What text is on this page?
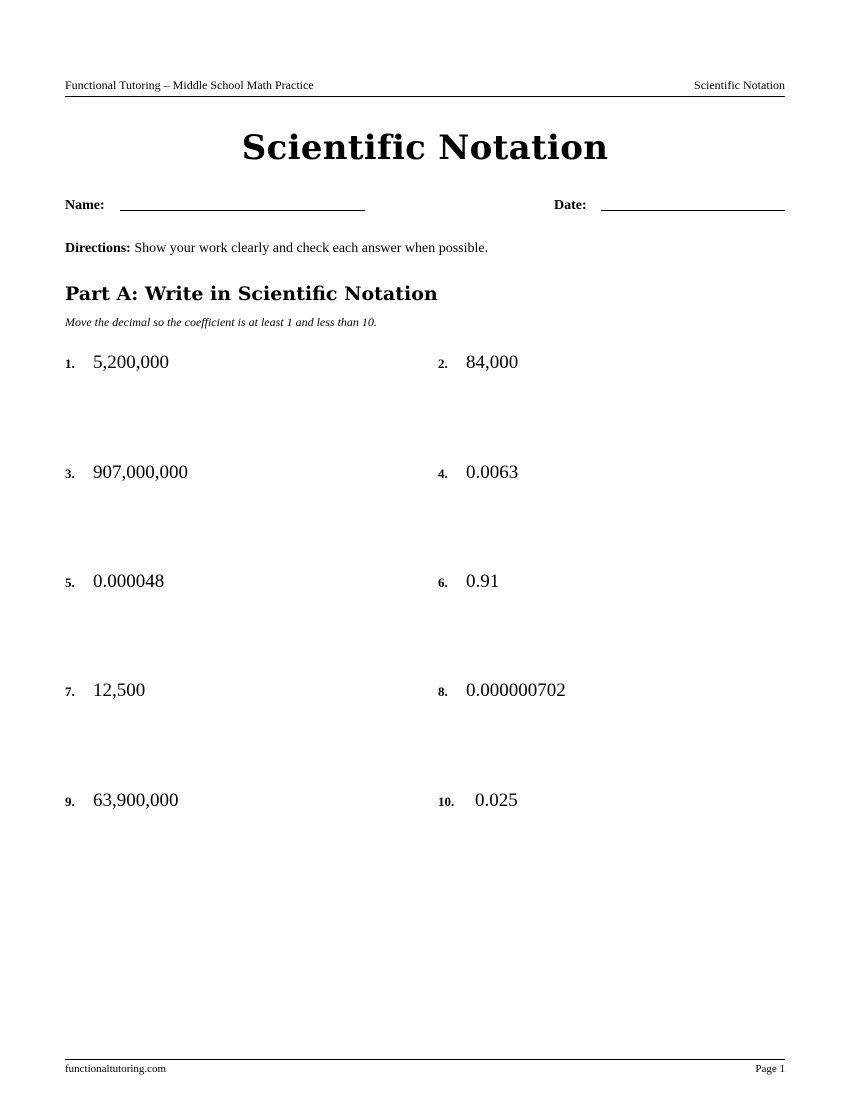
Functional Tutoring – Middle School Math Practice	Scientific Notation
Scientific Notation
Name:	Date:
Directions: Show your work clearly and check each answer when possible.
Part A: Write in Scientific Notation
Move the decimal so the coefficient is at least 1 and less than 10.
1. 5,200,000	2. 84,000
3. 907,000,000	4. 0.0063
5. 0.000048	6. 0.91
7. 12,500	8. 0.000000702
9. 63,900,000	10. 0.025
functionaltutoring.com	Page 1
